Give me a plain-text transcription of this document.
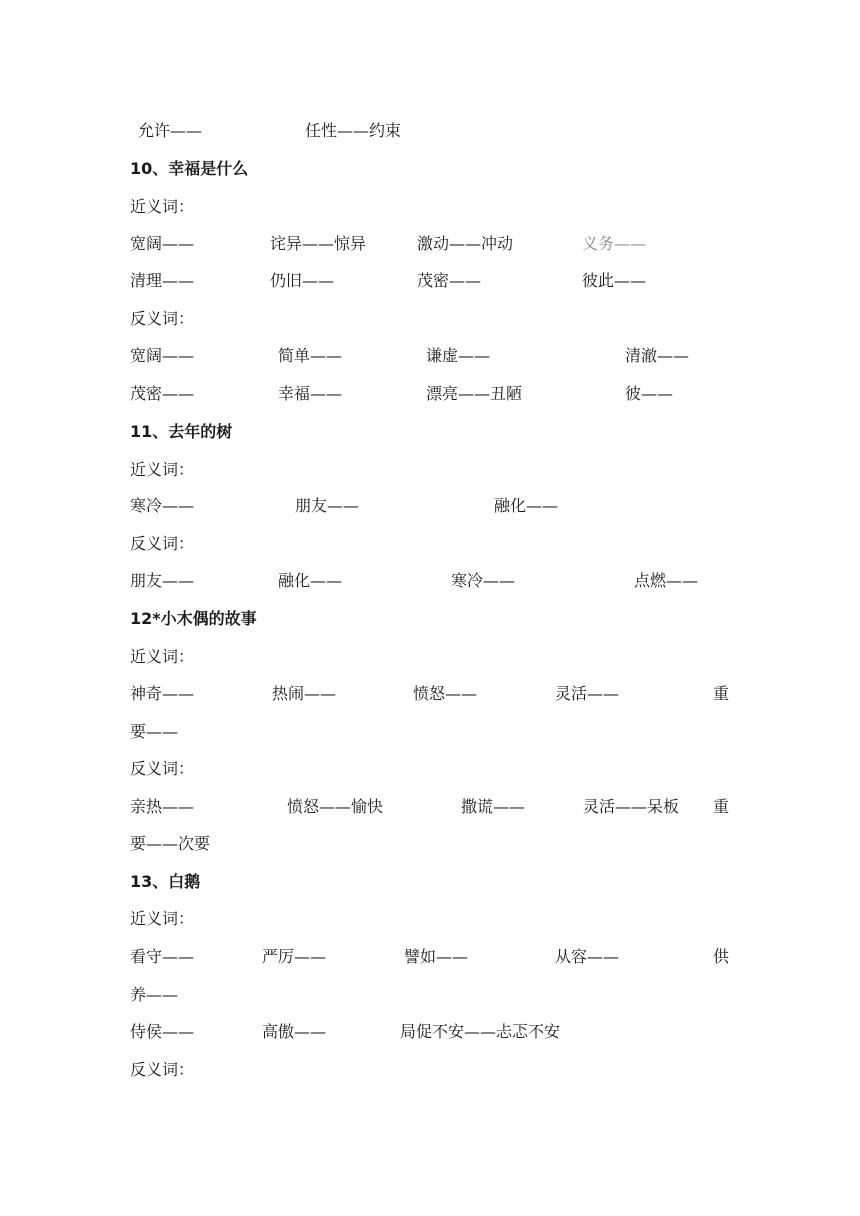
允许——	任性——约束
10、幸福是什么
近义词：
宽阔——	诧异——惊异	激动——冲动	义务——
清理——	仍旧——	茂密——	彼此——
反义词：
宽阔——	简单——	谦虚——	清澈——
茂密——	幸福——	漂亮——丑陋	彼——
11、去年的树
近义词：
寒冷——	朋友——	融化——
反义词：
朋友——	融化——	寒冷——	点燃——
12*小木偶的故事
近义词：
神奇——	热闹——	愤怒——	灵活——	重
要——
反义词：
亲热——	愤怒——愉快	撒谎——	灵活——呆板 重
要——次要
13、白鹅
近义词：
看守——	严厉——	譬如——	从容——	供
养——
侍侯——	高傲——	局促不安——忐忑不安
反义词：
